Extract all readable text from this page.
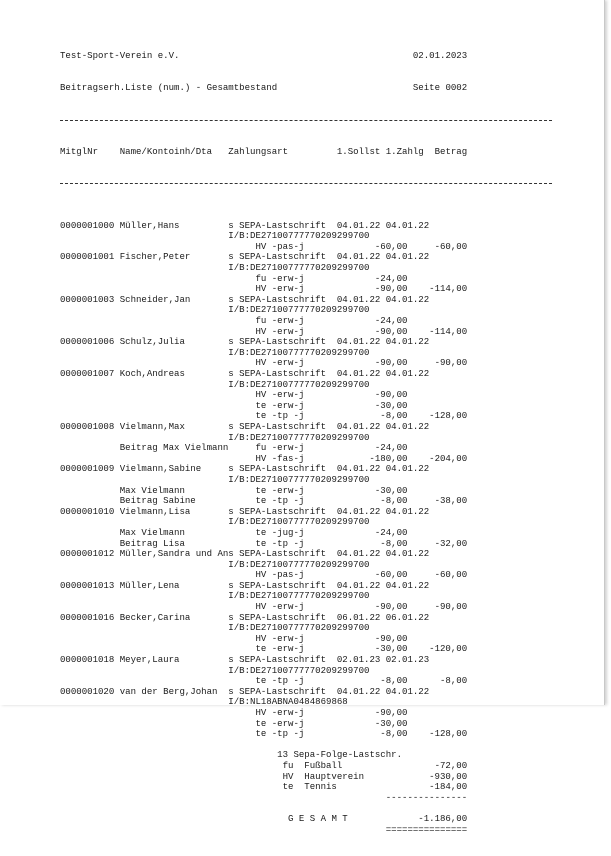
Test-Sport-Verein e.V.	02.01.2023

Beitragserh.Liste (num.) - Gesamtbestand	Seite 0002

MitglNr Name/Kontoinh/Dta Zahlungsart	1.Sollst 1.Zahlg Betrag

0000001000 Müller,Hans	s SEPA-Lastschrift 04.01.22 04.01.22
I/B:DE27100777770209299700
HV -pas-j	-60,00	-60,00
0000001001 Fischer,Peter	s SEPA-Lastschrift 04.01.22 04.01.22
I/B:DE27100777770209299700
fu -erw-j	-24,00
HV -erw-j	-90,00 -114,00
0000001003 Schneider,Jan	s SEPA-Lastschrift 04.01.22 04.01.22
I/B:DE27100777770209299700
fu -erw-j	-24,00
HV -erw-j	-90,00 -114,00
0000001006 Schulz,Julia	s SEPA-Lastschrift 04.01.22 04.01.22
I/B:DE27100777770209299700
HV -erw-j	-90,00	-90,00
0000001007 Koch,Andreas	s SEPA-Lastschrift 04.01.22 04.01.22
I/B:DE27100777770209299700
HV -erw-j	-90,00
te -erw-j	-30,00
te -tp -j	-8,00 -128,00
0000001008 Vielmann,Max	s SEPA-Lastschrift 04.01.22 04.01.22
I/B:DE27100777770209299700
Beitrag Max Vielmann	fu -erw-j	-24,00
HV -fas-j	-180,00 -204,00
0000001009 Vielmann,Sabine	s SEPA-Lastschrift 04.01.22 04.01.22
I/B:DE27100777770209299700
Max Vielmann	te -erw-j	-30,00
Beitrag Sabine	te -tp -j	-8,00	-38,00
0000001010 Vielmann,Lisa	s SEPA-Lastschrift 04.01.22 04.01.22
I/B:DE27100777770209299700
Max Vielmann	te -jug-j	-24,00
Beitrag Lisa	te -tp -j	-8,00	-32,00
0000001012 Müller,Sandra und Ans SEPA-Lastschrift 04.01.22 04.01.22
I/B:DE27100777770209299700
HV -pas-j	-60,00	-60,00
0000001013 Müller,Lena	s SEPA-Lastschrift 04.01.22 04.01.22
I/B:DE27100777770209299700
HV -erw-j	-90,00	-90,00
0000001016 Becker,Carina	s SEPA-Lastschrift 06.01.22 06.01.22
I/B:DE27100777770209299700
HV -erw-j	-90,00
te -erw-j	-30,00 -120,00
0000001018 Meyer,Laura	s SEPA-Lastschrift 02.01.23 02.01.23
I/B:DE27100777770209299700
te -tp -j	-8,00	-8,00
0000001020 van der Berg,Johan s SEPA-Lastschrift 04.01.22 04.01.22
I/B:NL18ABNA0484869868
HV -erw-j	-90,00
te -erw-j	-30,00
te -tp -j	-8,00 -128,00
13 Sepa-Folge-Lastschr.
fu Fußball	-72,00
HV Hauptverein	-930,00
te Tennis	-184,00
---------------
G E S A M T	-1.186,00
===============
